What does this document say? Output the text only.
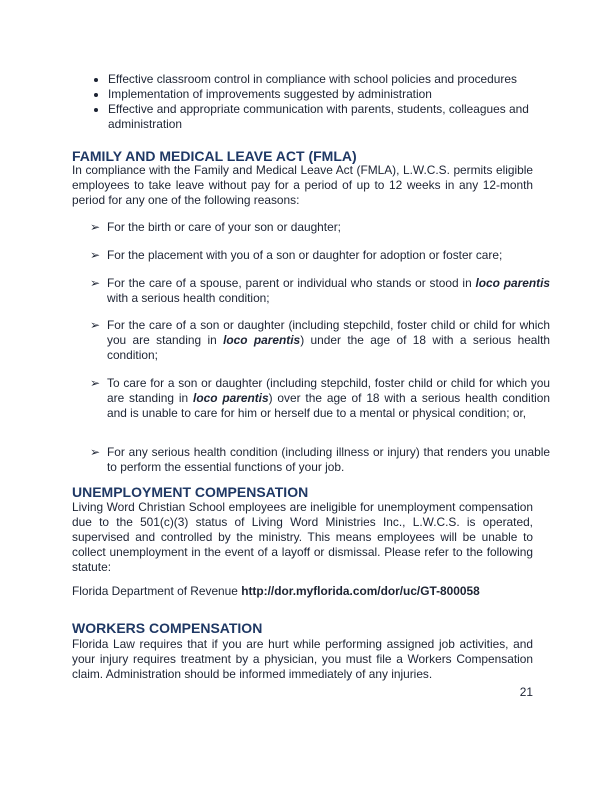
• Effective classroom control in compliance with school policies and procedures
• Implementation of improvements suggested by administration
• Effective and appropriate communication with parents, students, colleagues and administration
FAMILY AND MEDICAL LEAVE ACT (FMLA)
In compliance with the Family and Medical Leave Act (FMLA), L.W.C.S. permits eligible employees to take leave without pay for a period of up to 12 weeks in any 12-month period for any one of the following reasons:
➢ For the birth or care of your son or daughter;
➢ For the placement with you of a son or daughter for adoption or foster care;
➢ For the care of a spouse, parent or individual who stands or stood in loco parentis with a serious health condition;
➢ For the care of a son or daughter (including stepchild, foster child or child for which you are standing in loco parentis) under the age of 18 with a serious health condition;
➢ To care for a son or daughter (including stepchild, foster child or child for which you are standing in loco parentis) over the age of 18 with a serious health condition and is unable to care for him or herself due to a mental or physical condition; or,
➢ For any serious health condition (including illness or injury) that renders you unable to perform the essential functions of your job.
UNEMPLOYMENT COMPENSATION
Living Word Christian School employees are ineligible for unemployment compensation due to the 501(c)(3) status of Living Word Ministries Inc., L.W.C.S. is operated, supervised and controlled by the ministry. This means employees will be unable to collect unemployment in the event of a layoff or dismissal. Please refer to the following statute:
Florida Department of Revenue http://dor.myflorida.com/dor/uc/GT-800058
WORKERS COMPENSATION
Florida Law requires that if you are hurt while performing assigned job activities, and your injury requires treatment by a physician, you must file a Workers Compensation claim. Administration should be informed immediately of any injuries.
21
